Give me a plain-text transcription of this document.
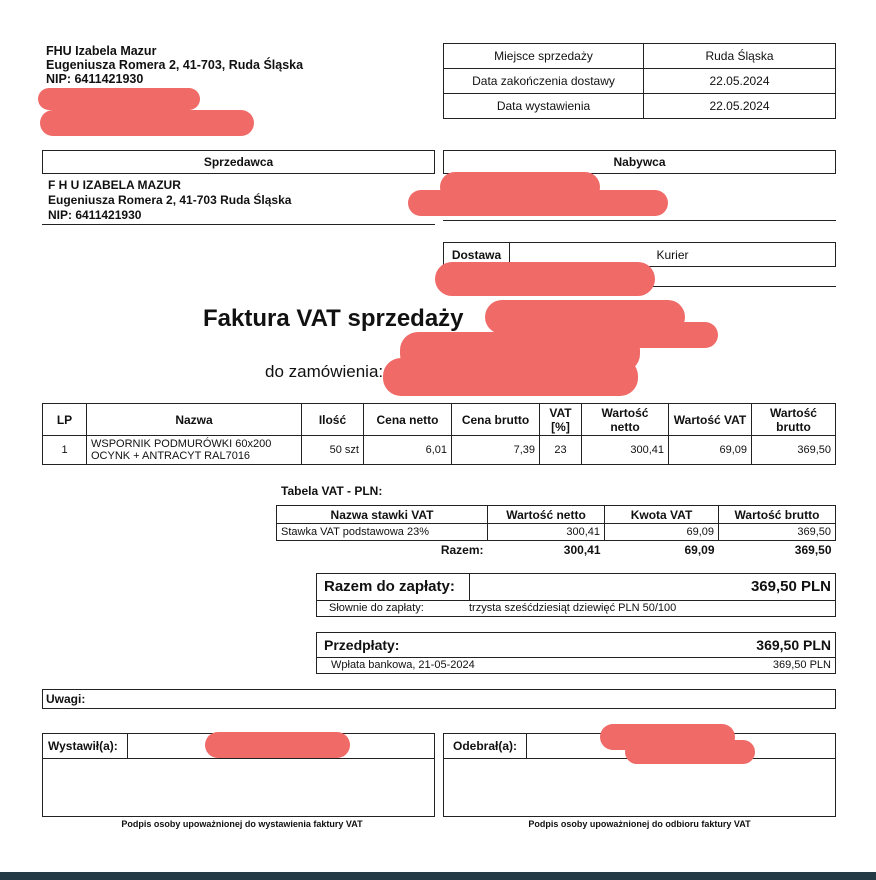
FHU Izabela Mazur
Eugeniusza Romera 2, 41-703, Ruda Śląska
NIP: 6411421930
Miejsce sprzedaży	Ruda Śląska
Data zakończenia dostawy	22.05.2024
Data wystawienia	22.05.2024
Sprzedawca
F H U IZABELA MAZUR
Eugeniusza Romera 2, 41-703 Ruda Śląska
NIP: 6411421930
Nabywca
Dostawa	Kurier
Faktura VAT sprzedaży
do zamówienia:
LP	Nazwa	Ilość	Cena netto	Cena brutto	VAT [%]	Wartość netto	Wartość VAT	Wartość brutto
1	WSPORNIK PODMURÓWKI 60x200
OCYNK + ANTRACYT RAL7016	50 szt	6,01	7,39	23	300,41	69,09	369,50
Tabela VAT - PLN:
Nazwa stawki VAT	Wartość netto	Kwota VAT	Wartość brutto
Stawka VAT podstawowa 23%	300,41	69,09	369,50
Razem:	300,41	69,09	369,50
Razem do zapłaty:	369,50 PLN
Słownie do zapłaty:	trzysta sześćdziesiąt dziewięć PLN 50/100
Przedpłaty:	369,50 PLN
Wpłata bankowa, 21-05-2024	369,50 PLN
Uwagi:
Wystawił(a):	Odebrał(a):
Podpis osoby upoważnionej do wystawienia faktury VAT	Podpis osoby upoważnionej do odbioru faktury VAT
